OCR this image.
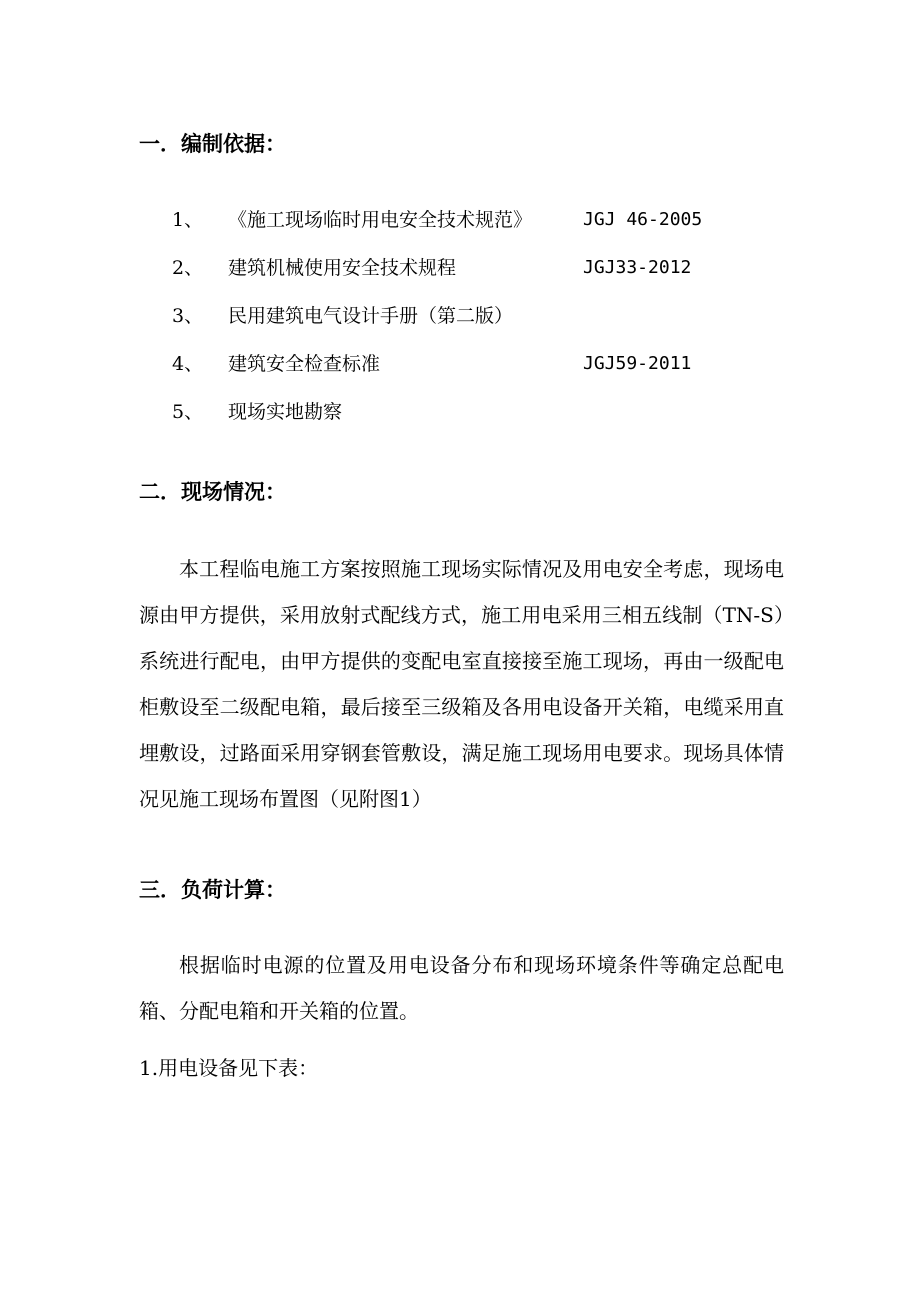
一．编制依据：
1、 《施工现场临时用电安全技术规范》	JGJ 46-2005
2、 建筑机械使用安全技术规程	JGJ33-2012
3、 民用建筑电气设计手册（第二版）
4、 建筑安全检查标准	JGJ59-2011
5、 现场实地勘察
二．现场情况：
本工程临电施工方案按照施工现场实际情况及用电安全考虑，现场电源由甲方提供，采用放射式配线方式，施工用电采用三相五线制（TN-S）系统进行配电，由甲方提供的变配电室直接接至施工现场，再由一级配电柜敷设至二级配电箱，最后接至三级箱及各用电设备开关箱，电缆采用直埋敷设，过路面采用穿钢套管敷设，满足施工现场用电要求。现场具体情况见施工现场布置图（见附图1）
三．负荷计算：
根据临时电源的位置及用电设备分布和现场环境条件等确定总配电箱、分配电箱和开关箱的位置。
1.用电设备见下表：
